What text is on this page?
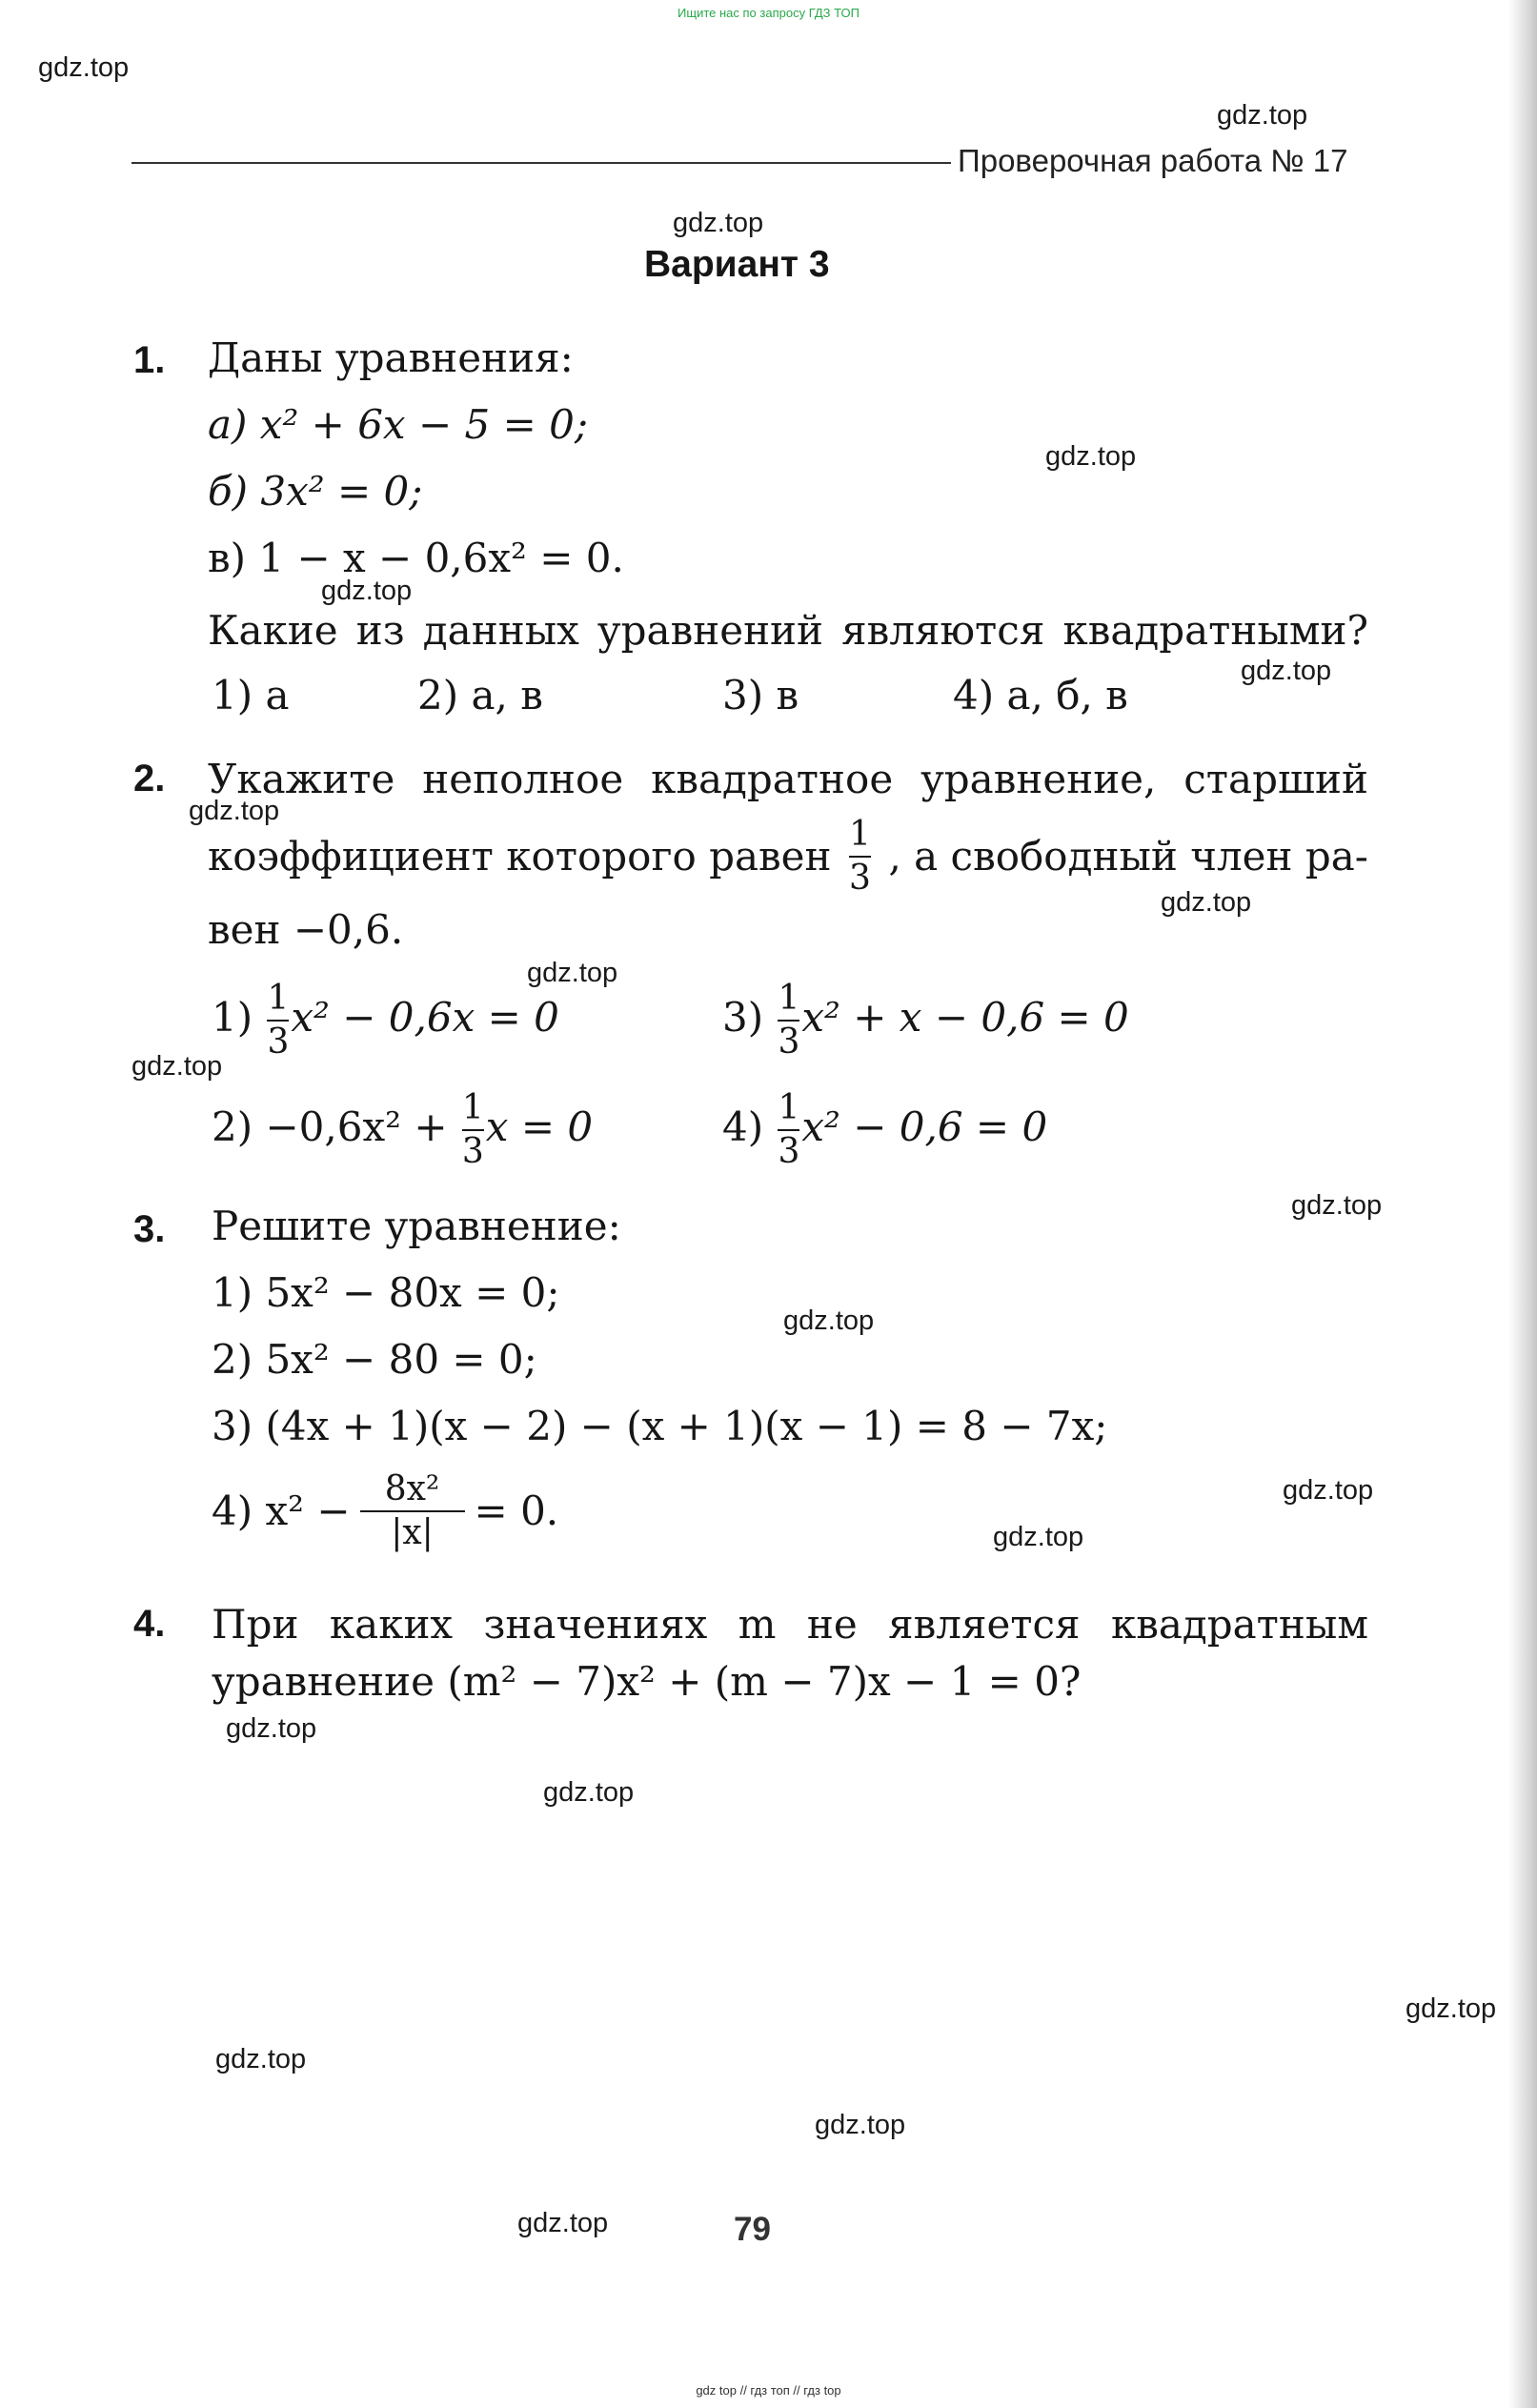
Ищите нас по запросу ГДЗ ТОП
gdz.top
gdz.top
gdz.top
gdz.top
gdz.top
gdz.top
gdz.top
gdz.top
gdz.top
gdz.top
gdz.top
gdz.top
gdz.top
gdz.top
gdz.top
gdz.top
gdz.top
gdz.top
gdz.top
gdz.top
Проверочная работа № 17
Вариант 3
1. Даны уравнения:
а) x² + 6x − 5 = 0;
б) 3x² = 0;
в) 1 − x − 0,6x² = 0.
Какие из данных уравнений являются квадратными?
1) а	2) а, в	3) в	4) а, б, в
2. Укажите неполное квадратное уравнение, старший
коэффициент которого равен $\frac{1}{3}$ , а свободный член ра-
вен −0,6.
$1) \frac{1}{3} x^2 - 0,6x = 0$	$3) \frac{1}{3} x^2 + x - 0,6 = 0$
$2) -0,6x^2 + \frac{1}{3}$ x = 0	$4) \frac{1}{3} x^2 - 0,6 = 0$
3. Решите уравнение:
1) 5x² − 80x = 0;
2) 5x² − 80 = 0;
3) (4x + 1)(x − 2) − (x + 1)(x − 1) = 8 − 7x;
4) $x^2 - \frac{\text{8x²}}{|x|} = 0$.
4. При каких значениях m не является квадратным
уравнение (m² − 7)x² + (m − 7)x − 1 = 0?
79
gdz top // гдз топ // гдз top
